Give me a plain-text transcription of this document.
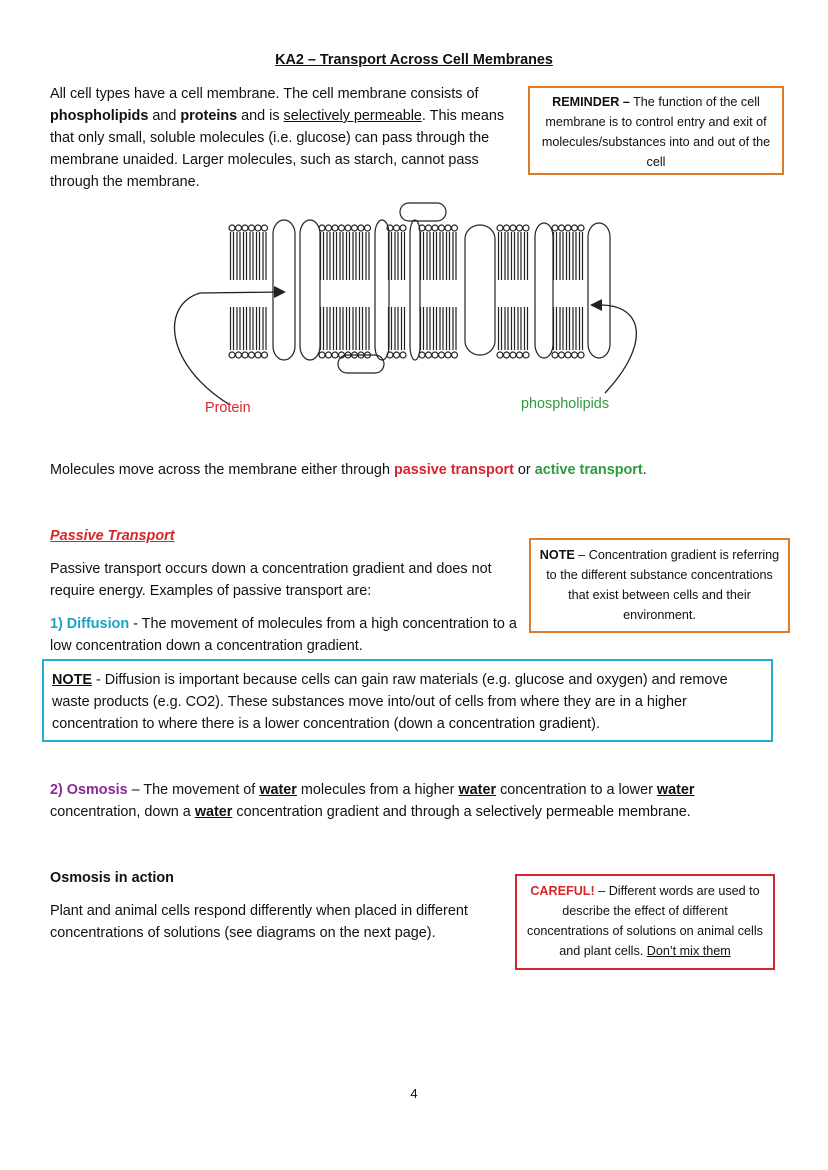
KA2 – Transport Across Cell Membranes
All cell types have a cell membrane. The cell membrane consists of phospholipids and proteins and is selectively permeable. This means that only small, soluble molecules (i.e. glucose) can pass through the membrane unaided. Larger molecules, such as starch, cannot pass through the membrane.
REMINDER – The function of the cell membrane is to control entry and exit of molecules/substances into and out of the cell
Protein	phospholipids
Molecules move across the membrane either through passive transport or active transport.
Passive Transport
Passive transport occurs down a concentration gradient and does not require energy. Examples of passive transport are:
NOTE – Concentration gradient is referring to the different substance concentrations that exist between cells and their environment.
1) Diffusion - The movement of molecules from a high concentration to a low concentration down a concentration gradient.
NOTE - Diffusion is important because cells can gain raw materials (e.g. glucose and oxygen) and remove waste products (e.g. CO2). These substances move into/out of cells from where they are in a higher concentration to where there is a lower concentration (down a concentration gradient).
2) Osmosis – The movement of water molecules from a higher water concentration to a lower water concentration, down a water concentration gradient and through a selectively permeable membrane.
Osmosis in action
Plant and animal cells respond differently when placed in different concentrations of solutions (see diagrams on the next page).
CAREFUL! – Different words are used to describe the effect of different concentrations of solutions on animal cells and plant cells. Don’t mix them
4
